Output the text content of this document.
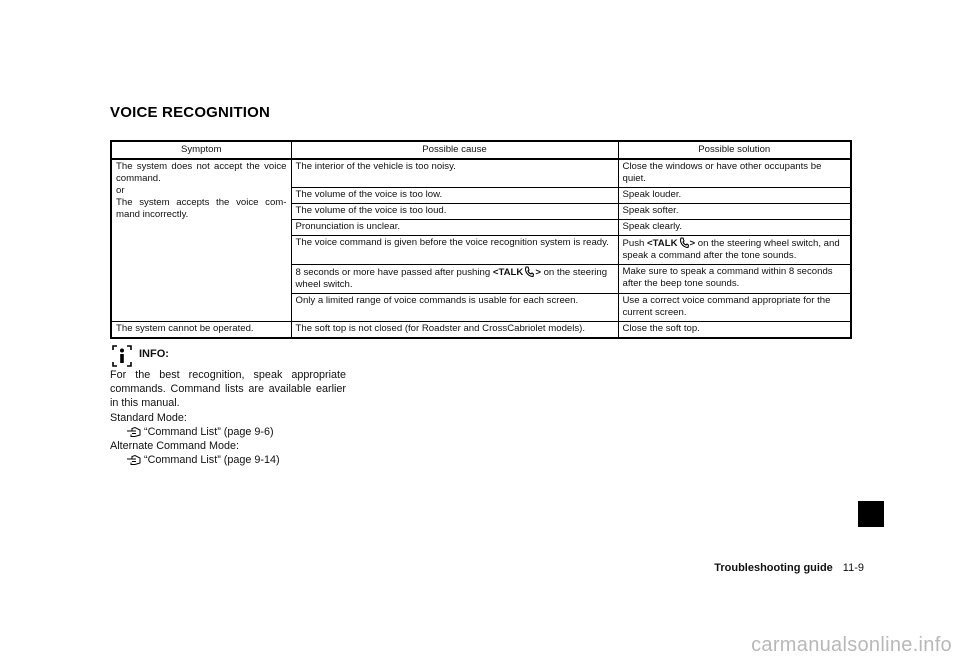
VOICE RECOGNITION
Symptom	Possible cause	Possible solution

The system does not accept the voice command.
or
The system accepts the voice com- mand incorrectly.	The interior of the vehicle is too noisy.	Close the windows or have other occupants be quiet.
	The volume of the voice is too low.	Speak louder.
	The volume of the voice is too loud.	Speak softer.
	Pronunciation is unclear.	Speak clearly.
	The voice command is given before the voice recognition system is ready.	Push <TALK > on the steering wheel switch, and speak a command after the tone sounds.
	8 seconds or more have passed after pushing <TALK > on the steering wheel switch.	Make sure to speak a command within 8 seconds after the beep tone sounds.
	Only a limited range of voice commands is usable for each screen.	Use a correct voice command appropriate for the current screen.
The system cannot be operated.	The soft top is not closed (for Roadster and CrossCabriolet models).	Close the soft top.

INFO:

For the best recognition, speak appropriate commands. Command lists are available earlier in this manual.

Standard Mode:

“Command List” (page 9-6)

Alternate Command Mode:

“Command List” (page 9-14)

Troubleshooting guide 11-9
carmanualsonline.info
